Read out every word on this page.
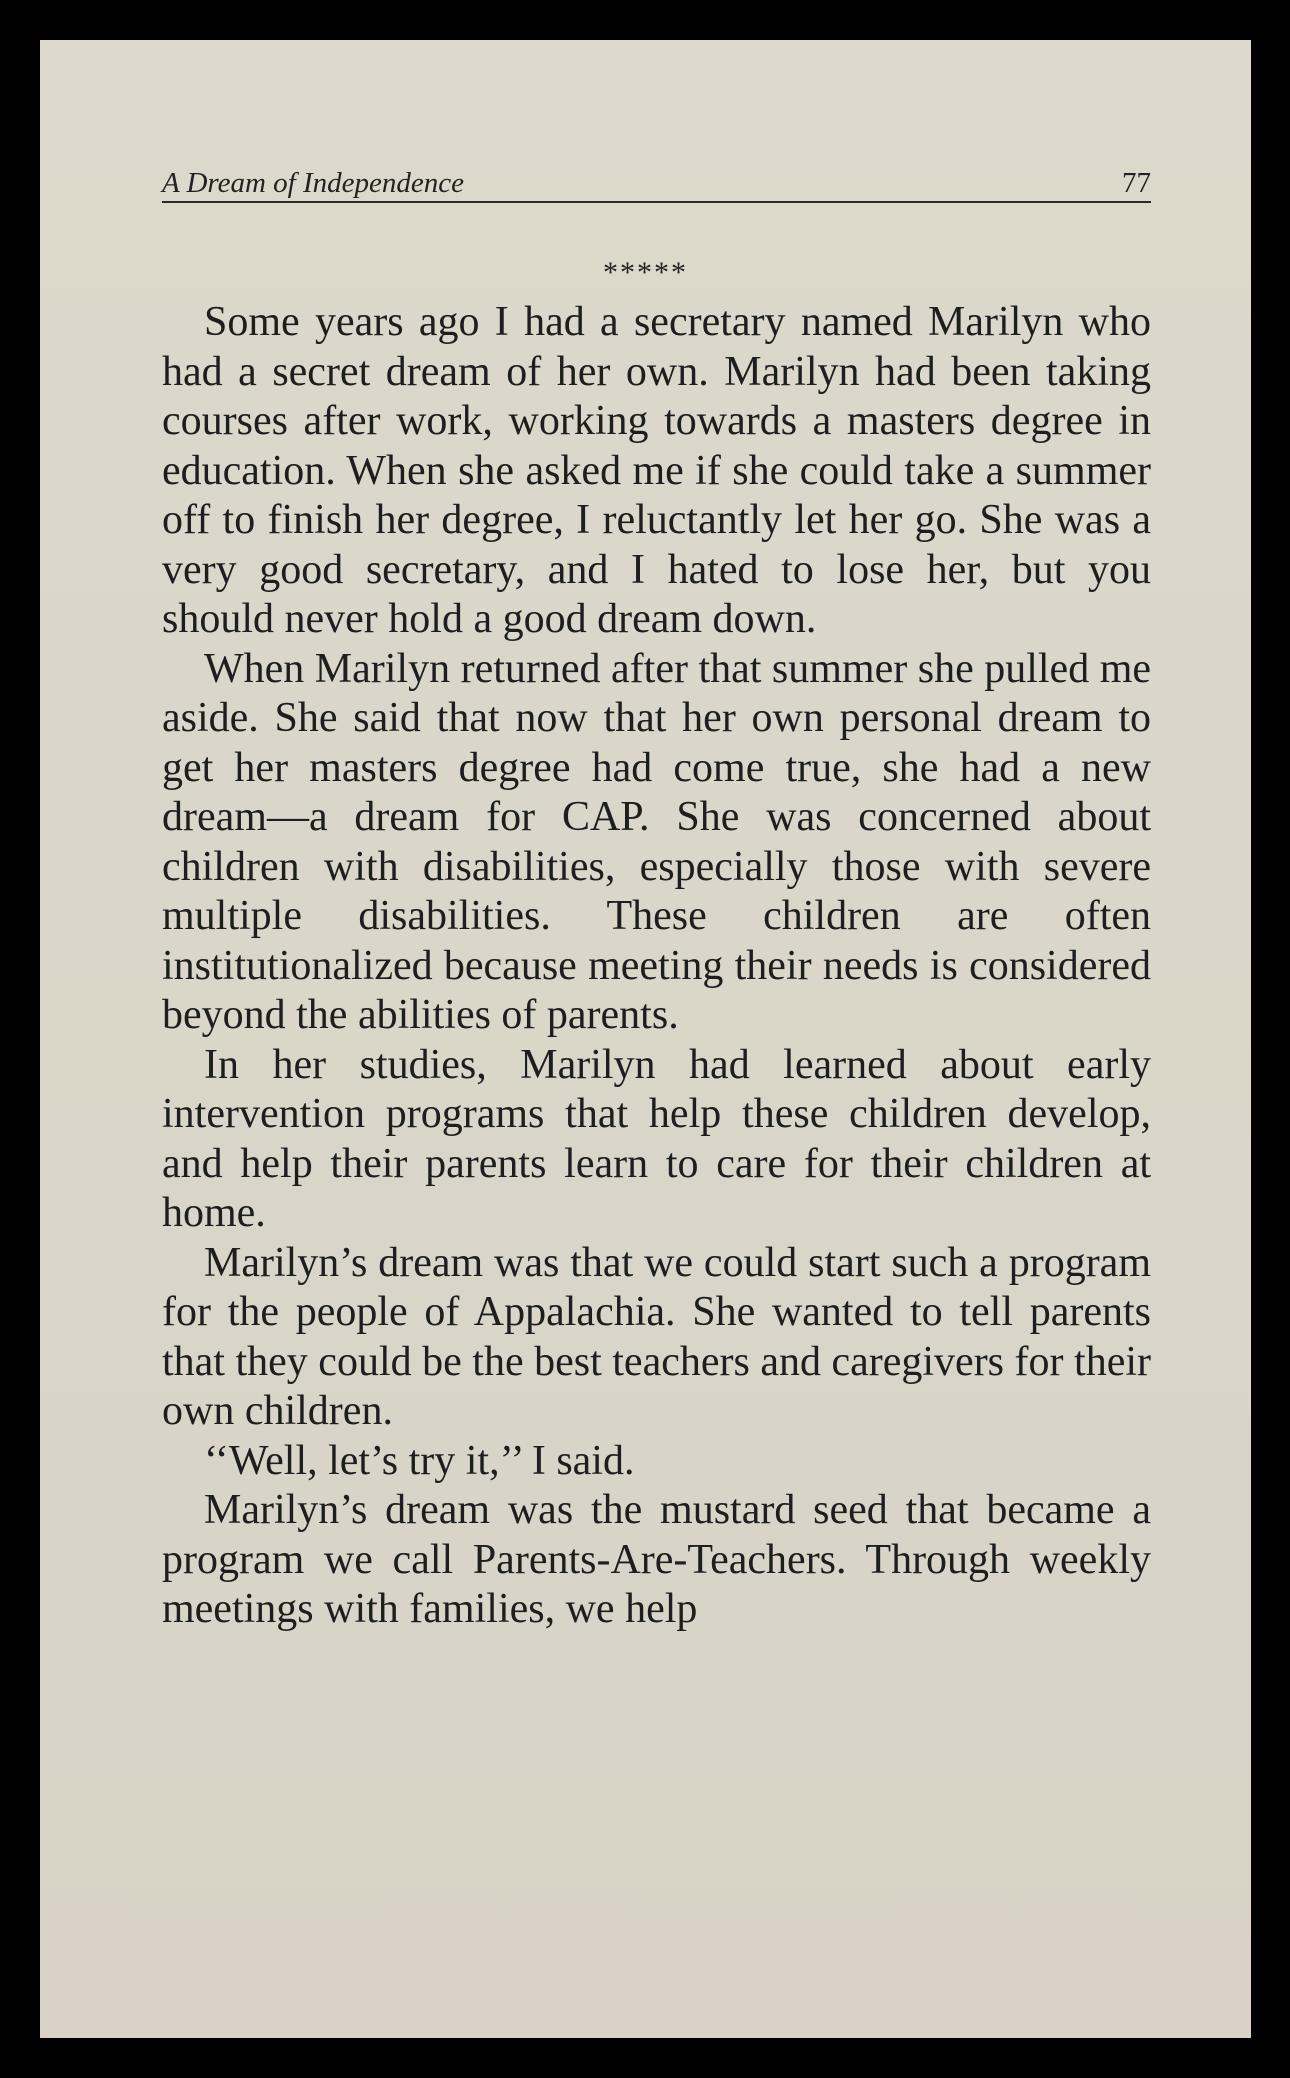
A Dream of Independence	77
*****

Some years ago I had a secretary named Marilyn who had a secret dream of her own. Marilyn had been taking courses after work, working towards a masters degree in education. When she asked me if she could take a summer off to finish her degree, I reluctantly let her go. She was a very good secretary, and I hated to lose her, but you should never hold a good dream down.

When Marilyn returned after that summer she pulled me aside. She said that now that her own personal dream to get her masters degree had come true, she had a new dream—a dream for CAP. She was concerned about children with disabilities, especially those with severe multiple disabilities. These children are often institutionalized because meeting their needs is considered beyond the abilities of parents.

In her studies, Marilyn had learned about early intervention programs that help these children develop, and help their parents learn to care for their children at home.

Marilyn’s dream was that we could start such a program for the people of Appalachia. She wanted to tell parents that they could be the best teachers and caregivers for their own children.

‘‘Well, let’s try it,’’ I said.

Marilyn’s dream was the mustard seed that became a program we call Parents-Are-Teachers. Through weekly meetings with families, we help
